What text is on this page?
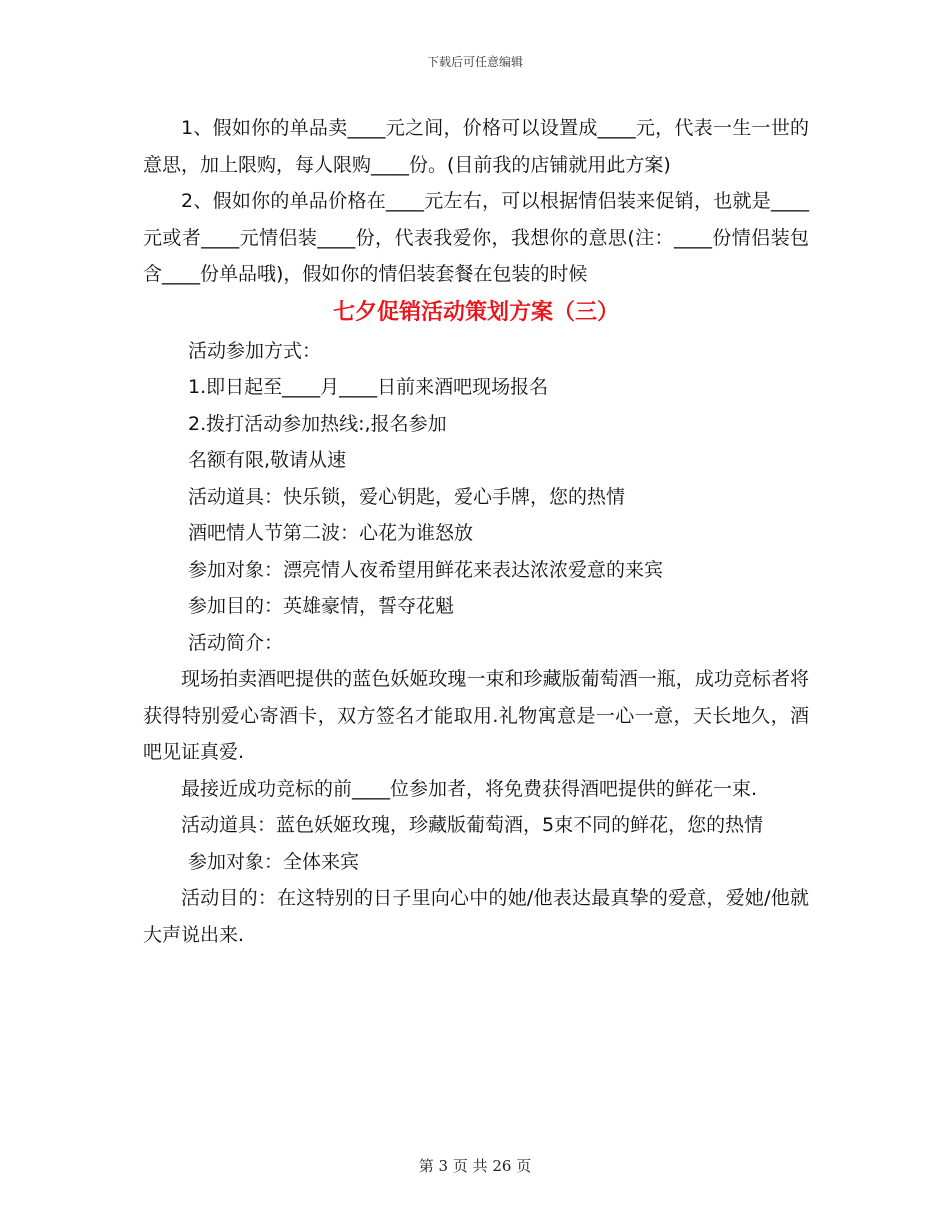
下载后可任意编辑

1、假如你的单品卖____元之间，价格可以设置成____元，代表一生一世的意思，加上限购，每人限购____份。(目前我的店铺就用此方案)

2、假如你的单品价格在____元左右，可以根据情侣装来促销，也就是____元或者____元情侣装____份，代表我爱你，我想你的意思(注：____份情侣装包含____份单品哦)，假如你的情侣装套餐在包装的时候

七夕促销活动策划方案（三）

活动参加方式：

1.即日起至____月____日前来酒吧现场报名

2.拨打活动参加热线:,报名参加

名额有限,敬请从速

活动道具：快乐锁，爱心钥匙，爱心手牌，您的热情

酒吧情人节第二波：心花为谁怒放

参加对象：漂亮情人夜希望用鲜花来表达浓浓爱意的来宾

参加目的：英雄豪情，誓夺花魁

活动简介：

现场拍卖酒吧提供的蓝色妖姬玫瑰一束和珍藏版葡萄酒一瓶，成功竞标者将获得特别爱心寄酒卡，双方签名才能取用.礼物寓意是一心一意，天长地久，酒吧见证真爱.

最接近成功竞标的前____位参加者，将免费获得酒吧提供的鲜花一束.

活动道具：蓝色妖姬玫瑰，珍藏版葡萄酒，5束不同的鲜花，您的热情

参加对象：全体来宾

活动目的：在这特别的日子里向心中的她/他表达最真挚的爱意，爱她/他就大声说出来.

第 3 页 共 26 页
